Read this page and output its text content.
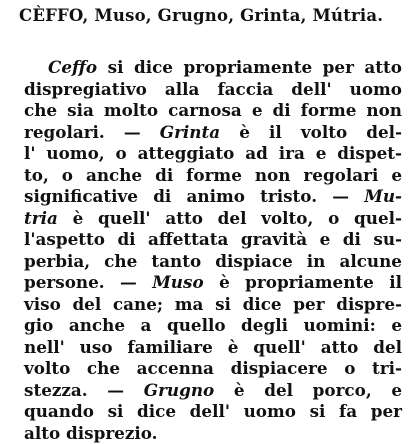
CÈFFO, Muso, Grugno, Grinta, Mútria.
Ceffo si dice propriamente per atto
dispregiativo alla faccia dell' uomo
che sia molto carnosa e di forme non
regolari. — Grinta è il volto del-
l' uomo, o atteggiato ad ira e dispet-
to, o anche di forme non regolari e
significative di animo tristo. — Mu-
tria è quell' atto del volto, o quel-
l'aspetto di affettata gravità e di su-
perbia, che tanto dispiace in alcune
persone. — Muso è propriamente il
viso del cane; ma si dice per dispre-
gio anche a quello degli uomini: e
nell' uso familiare è quell' atto del
volto che accenna dispiacere o tri-
stezza. — Grugno è del porco, e
quando si dice dell' uomo si fa per
alto disprezio.
